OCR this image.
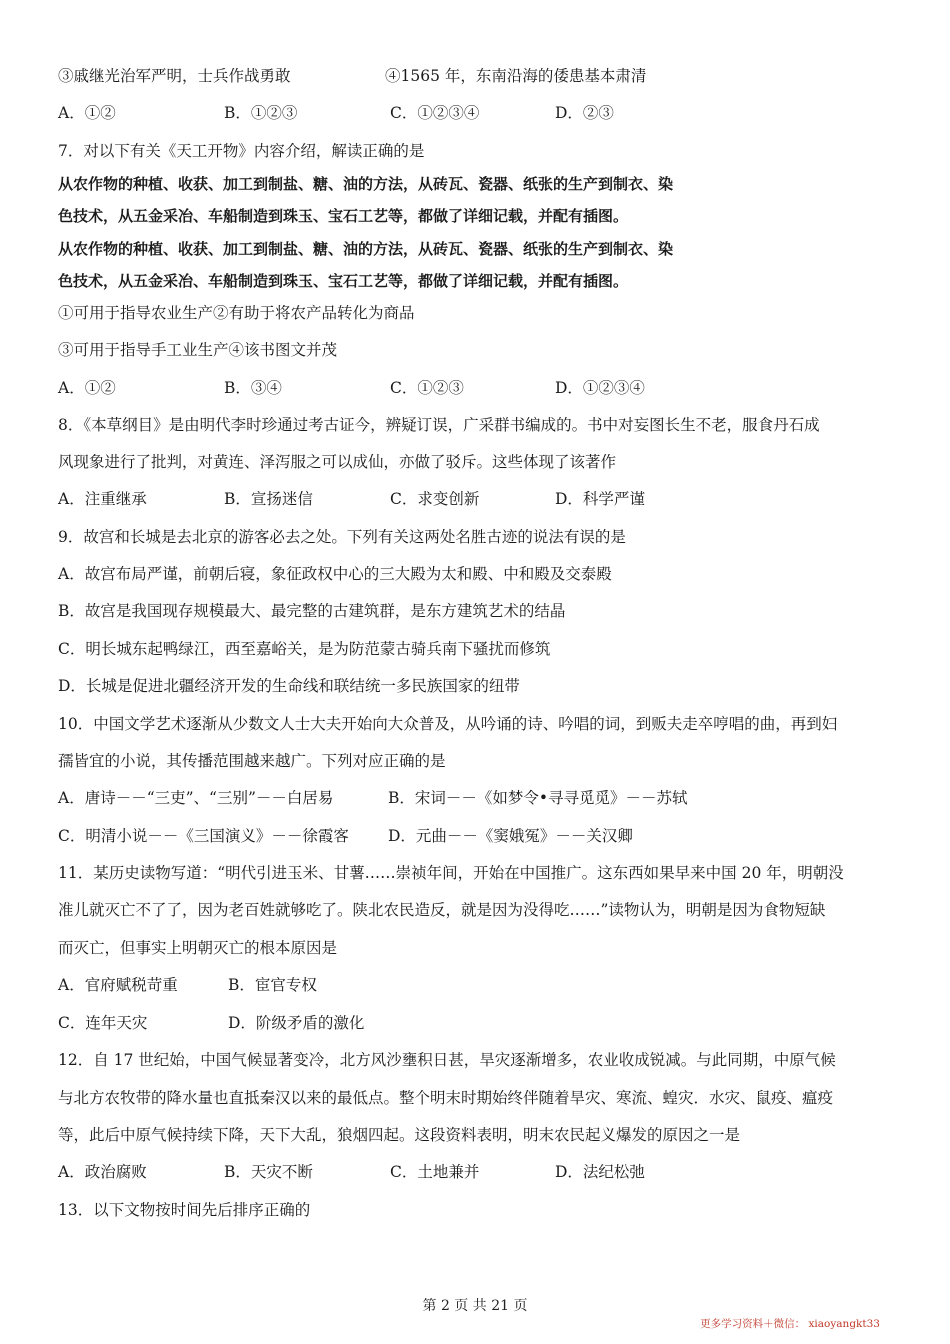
③戚继光治军严明，士兵作战勇敢	④1565 年，东南沿海的倭患基本肃清
A．①②	B．①②③	C．①②③④	D．②③
7．对以下有关《天工开物》内容介绍，解读正确的是
从农作物的种植、收获、加工到制盐、糖、油的方法，从砖瓦、瓷器、纸张的生产到制衣、染
色技术，从五金采冶、车船制造到珠玉、宝石工艺等，都做了详细记载，并配有插图。
从农作物的种植、收获、加工到制盐、糖、油的方法，从砖瓦、瓷器、纸张的生产到制衣、染
色技术，从五金采冶、车船制造到珠玉、宝石工艺等，都做了详细记载，并配有插图。
①可用于指导农业生产②有助于将农产品转化为商品
③可用于指导手工业生产④该书图文并茂
A．①②	B．③④	C．①②③	D．①②③④
8．《本草纲目》是由明代李时珍通过考古证今，辨疑订误，广采群书编成的。书中对妄图长生不老，服食丹石成
风现象进行了批判，对黄连、泽泻服之可以成仙，亦做了驳斥。这些体现了该著作
A．注重继承	B．宣扬迷信	C．求变创新	D．科学严谨
9．故宫和长城是去北京的游客必去之处。下列有关这两处名胜古迹的说法有误的是
A．故宫布局严谨，前朝后寝，象征政权中心的三大殿为太和殿、中和殿及交泰殿
B．故宫是我国现存规模最大、最完整的古建筑群，是东方建筑艺术的结晶
C．明长城东起鸭绿江，西至嘉峪关，是为防范蒙古骑兵南下骚扰而修筑
D．长城是促进北疆经济开发的生命线和联结统一多民族国家的纽带
10．中国文学艺术逐渐从少数文人士大夫开始向大众普及，从吟诵的诗、吟唱的词，到贩夫走卒哼唱的曲，再到妇
孺皆宜的小说，其传播范围越来越广。下列对应正确的是
A．唐诗－－“三吏”、“三别”－－白居易	B．宋词－－《如梦令•寻寻觅觅》－－苏轼
C．明清小说－－《三国演义》－－徐霞客	D．元曲－－《窦娥冤》－－关汉卿
11．某历史读物写道：“明代引进玉米、甘薯……崇祯年间，开始在中国推广。这东西如果早来中国 20 年，明朝没
准儿就灭亡不了了，因为老百姓就够吃了。陕北农民造反，就是因为没得吃……”读物认为，明朝是因为食物短缺
而灭亡，但事实上明朝灭亡的根本原因是
A．官府赋税苛重	B．宦官专权
C．连年天灾	D．阶级矛盾的激化
12．自 17 世纪始，中国气候显著变冷，北方风沙壅积日甚，旱灾逐渐增多，农业收成锐减。与此同期，中原气候
与北方农牧带的降水量也直抵秦汉以来的最低点。整个明末时期始终伴随着旱灾、寒流、蝗灾．水灾、鼠疫、瘟疫
等，此后中原气候持续下降，天下大乱，狼烟四起。这段资料表明，明末农民起义爆发的原因之一是
A．政治腐败	B．天灾不断	C．土地兼并	D．法纪松弛
13．以下文物按时间先后排序正确的
第 2 页 共 21 页
更多学习资料＋微信： xiaoyangkt33
